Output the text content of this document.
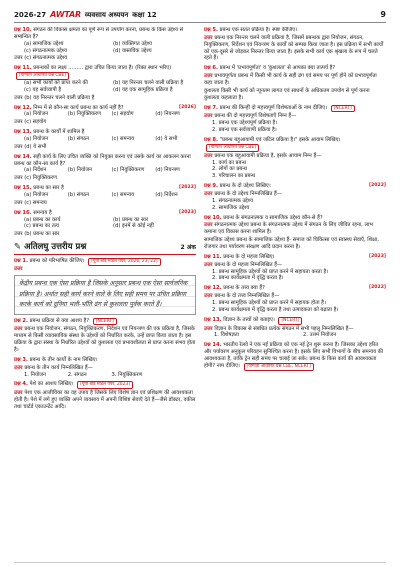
2026-27 AWTAR व्यवसाय अध्ययन कक्षा 12	9
प्रश्न 10. संगठन की विकास क्षमता का पूर्ण रूप से उपयोग करना, प्रबन्ध के किस उद्देश्य से सम्बन्धित है?
(a) सामाजिक उद्देश्य	(b) व्यक्तिगत उद्देश्य
(c) संगठनात्मक उद्देश्य	(d) वास्तविक उद्देश्य
उत्तर (c) संगठनात्मक उद्देश्य
प्रश्न 11. प्रबन्धकों का लक्ष्य ......... द्वारा उचित किया जाता है। (रिक्त स्थान भरिए) [योग्यता आधारित प्रश्न CBE]
(a) सभी कार्यों को प्राप्त करने की	(b) यह निरन्तर चलने वाली प्रक्रिया है
(c) यह सर्वव्यापी है	(d) यह एक सामूहिक प्रक्रिया है
उत्तर (b) यह निरन्तर चलने वाली प्रक्रिया है
[2026]
प्रश्न 12. निम्न में से कौन-सा कार्य प्रबन्ध का कार्य नहीं है?
(a) नियोजन	(b) नियुक्तिकरण	(c) सहयोग	(d) नियन्त्रण
उत्तर (c) सहयोग
प्रश्न 13. प्रबन्ध के कार्यों में शामिल है
(a) नियोजन	(b) संगठन	(c) समन्वय	(d) ये सभी
उत्तर (d) ये सभी
प्रश्न 14. सही कार्य के लिए उचित व्यक्ति को नियुक्त करना एवं उसके कार्य का आकलन करना प्रबन्ध का कौन-सा कार्य है?
(a) निर्देशन	(b) नियोजन	(c) नियुक्तिकरण	(d) नियन्त्रण
उत्तर (c) नियुक्तिकरण
[2022]
प्रश्न 15. प्रबन्ध का सार है
(a) नियोजन	(b) संगठन	(c) समन्वय	(d) निर्देशन
उत्तर (c) समन्वय
[2023]
प्रश्न 16. समन्वय है
(a) प्रबन्ध का कार्य	(b) प्रबन्ध का सार
(c) प्रबन्ध का तत्व	(d) इनमें से कोई नहीं
उत्तर (b) प्रबन्ध का सार
✎ अतिलघु उत्तरीय प्रश्न	2 अंक
प्रश्न 1. प्रबन्ध को परिभाषित कीजिए। [यूपी बोर्ड मॉडल पेपर, 2026, 23, 22]
उत्तर
केंद्रीय प्रबन्ध एक ऐसा प्रक्रिया है जिसके अनुसार प्रबन्ध एक ऐसा सार्वजनिक प्रक्रिया है। अर्थात सही कार्य करने वाले के लिए सही समय पर उचित प्रक्रिया करके कार्य को दुनिया भली-भाँति ढंग से कुशलता पूर्वक करते हैं।
प्रश्न 2. प्रबन्ध प्रक्रिया से क्या आशय है? [NCERT]
उत्तर प्रबन्ध एक नियोजन, संगठन, नियुक्तिकरण, निर्देशन एवं नियन्त्रण की एक प्रक्रिया है, जिसके माध्यम से किसी व्यावसायिक संस्था के उद्देश्यों को निर्धारित करके, उन्हें प्राप्त किया जाता है। इस प्रक्रिया के द्वारा संस्था के निर्धारित उद्देश्यों को कुशलता एवं प्रभावशीलता से प्राप्त करना संभव होता है।
प्रश्न 3. प्रबन्ध के तीन कार्यों के नाम लिखिए।
उत्तर प्रबन्ध के तीन कार्य निम्नलिखित हैं—
1. नियोजन	2. संगठन	3. नियुक्तिकरण
प्रश्न 4. पेशे का आशय लिखिए। [यूपी बोर्ड मॉडल पेपर, 2023]
उत्तर पेशा एक आजीविका का वह उपाय है जिसके लिए विशेष ज्ञान एवं प्रशिक्षण की आवश्यकता होती है। पेशे में लगे हुए व्यक्ति अपने व्यवसाय में अपनी विशिष्ट सेवाएँ देते हैं—जैसे डॉक्टर, वकील तथा चार्टर्ड एकाउन्टेंट आदि।
प्रश्न 5. प्रबन्ध एक सतत प्रक्रिया है। स्पष्ट कीजिए।
उत्तर प्रबन्ध एक निरन्तर चलने वाली प्रक्रिया है, जिसमें प्रबन्धक द्वारा नियोजन, संगठन, नियुक्तिकरण, निर्देशन एवं नियन्त्रण के कार्यों को सम्पन्न किया जाता है। इस प्रक्रिया में सभी कार्यों को एक-दूसरे से जोड़कर निरन्तर किया जाता है। इसके सभी कार्य एक श्रृंखला के रूप में चलते रहते हैं।
प्रश्न 6. प्रबन्ध में 'प्रभावपूर्णता' व 'कुशलता' से आपका क्या तात्पर्य है?
उत्तर प्रभावपूर्णता प्रबन्ध में किसी भी कार्य के सही ढंग एवं समय पर पूर्ण होने को प्रभावपूर्णता कहा जाता है।
कुशलता किसी भी कार्य को न्यूनतम लागत एवं साधनों के अधिकतम उपयोग से पूर्ण करना कुशलता कहलाता है।
प्रश्न 7. प्रबन्ध की किन्हीं दो महत्त्वपूर्ण विशेषताओं के नाम दीजिए। [NCERT]
उत्तर प्रबन्ध की दो महत्त्वपूर्ण विशेषताएँ निम्न हैं—
1. प्रबन्ध एक उद्देश्यपूर्ण प्रक्रिया है।
2. प्रबन्ध एक सर्वव्यापी प्रक्रिया है।
प्रश्न 8. "प्रबन्ध बहुआयामी एवं जटिल प्रक्रिया है।" इसके आयाम लिखिए। [योग्यता आधारित प्रश्न CBE]
उत्तर प्रबन्ध एक बहुआयामी प्रक्रिया है, इसके आयाम निम्न हैं—
1. कार्य का प्रबन्ध
2. लोगों का प्रबन्ध
3. परिचालन का प्रबन्ध
[2022]
प्रश्न 9. प्रबन्ध के दो उद्देश्य लिखिए।
उत्तर प्रबन्ध के दो उद्देश्य निम्नलिखित हैं—
1. संगठनात्मक उद्देश्य
2. सामाजिक उद्देश्य
प्रश्न 10. प्रबन्ध के संगठनात्मक व सामाजिक उद्देश्य कौन-से हैं?
उत्तर संगठनात्मक उद्देश्य प्रबन्ध के संगठनात्मक उद्देश्य में संगठन के लिए जीवित रहना, लाभ कमाना एवं विकास करना शामिल है।
सामाजिक उद्देश्य प्रबन्ध के सामाजिक उद्देश्य हैं- समाज को चिकित्सा एवं स्वास्थ्य सेवाएँ, शिक्षा, रोजगार तथा पर्यावरण संरक्षण आदि प्रदान करना है।
[2023]
प्रश्न 11. प्रबन्ध के दो महत्त्व लिखिए।
उत्तर प्रबन्ध के दो महत्त्व निम्नलिखित हैं—
1. प्रबन्ध सामूहिक उद्देश्यों को प्राप्त करने में सहायता करता है।
2. प्रबन्ध कार्यक्षमता में वृद्धि करता है।
[2022]
प्रश्न 12. प्रबन्ध के तत्त्व क्या हैं?
उत्तर प्रबन्ध के दो तत्त्व निम्नलिखित हैं—
1. प्रबन्ध सामूहिक उद्देश्यों को प्राप्त करने में सहायक होता है।
2. प्रबन्ध कार्यक्षमता में वृद्धि करता है तथा उत्पादकता को बढ़ाता है।
प्रश्न 13. विज्ञान के तत्त्वों को बताइए। [NCERT]
उत्तर विज्ञान के विकास से संबंधित प्रत्येक संगठन में सभी पहलु निम्नलिखित हैं—
1. विशेषज्ञता	2. उत्तम नियोजन
प्रश्न 14. भारतीय रेलवे ने एक नई प्रक्रिया को एक नई ट्रेन शुरू करना है। जिसका उद्देश्य हरित और पर्यावरण अनुकूल परिवहन सुनिश्चित करना है। इसके लिए सभी विभागों के बीच समन्वय की आवश्यकता है, ताकि ट्रेन सही समय पर चलाई जा सके। प्रबन्ध के किस कार्य की आवश्यकता होगी? नाम दीजिए। [योग्यता आधारित प्रश्न CBE, NCERT]
